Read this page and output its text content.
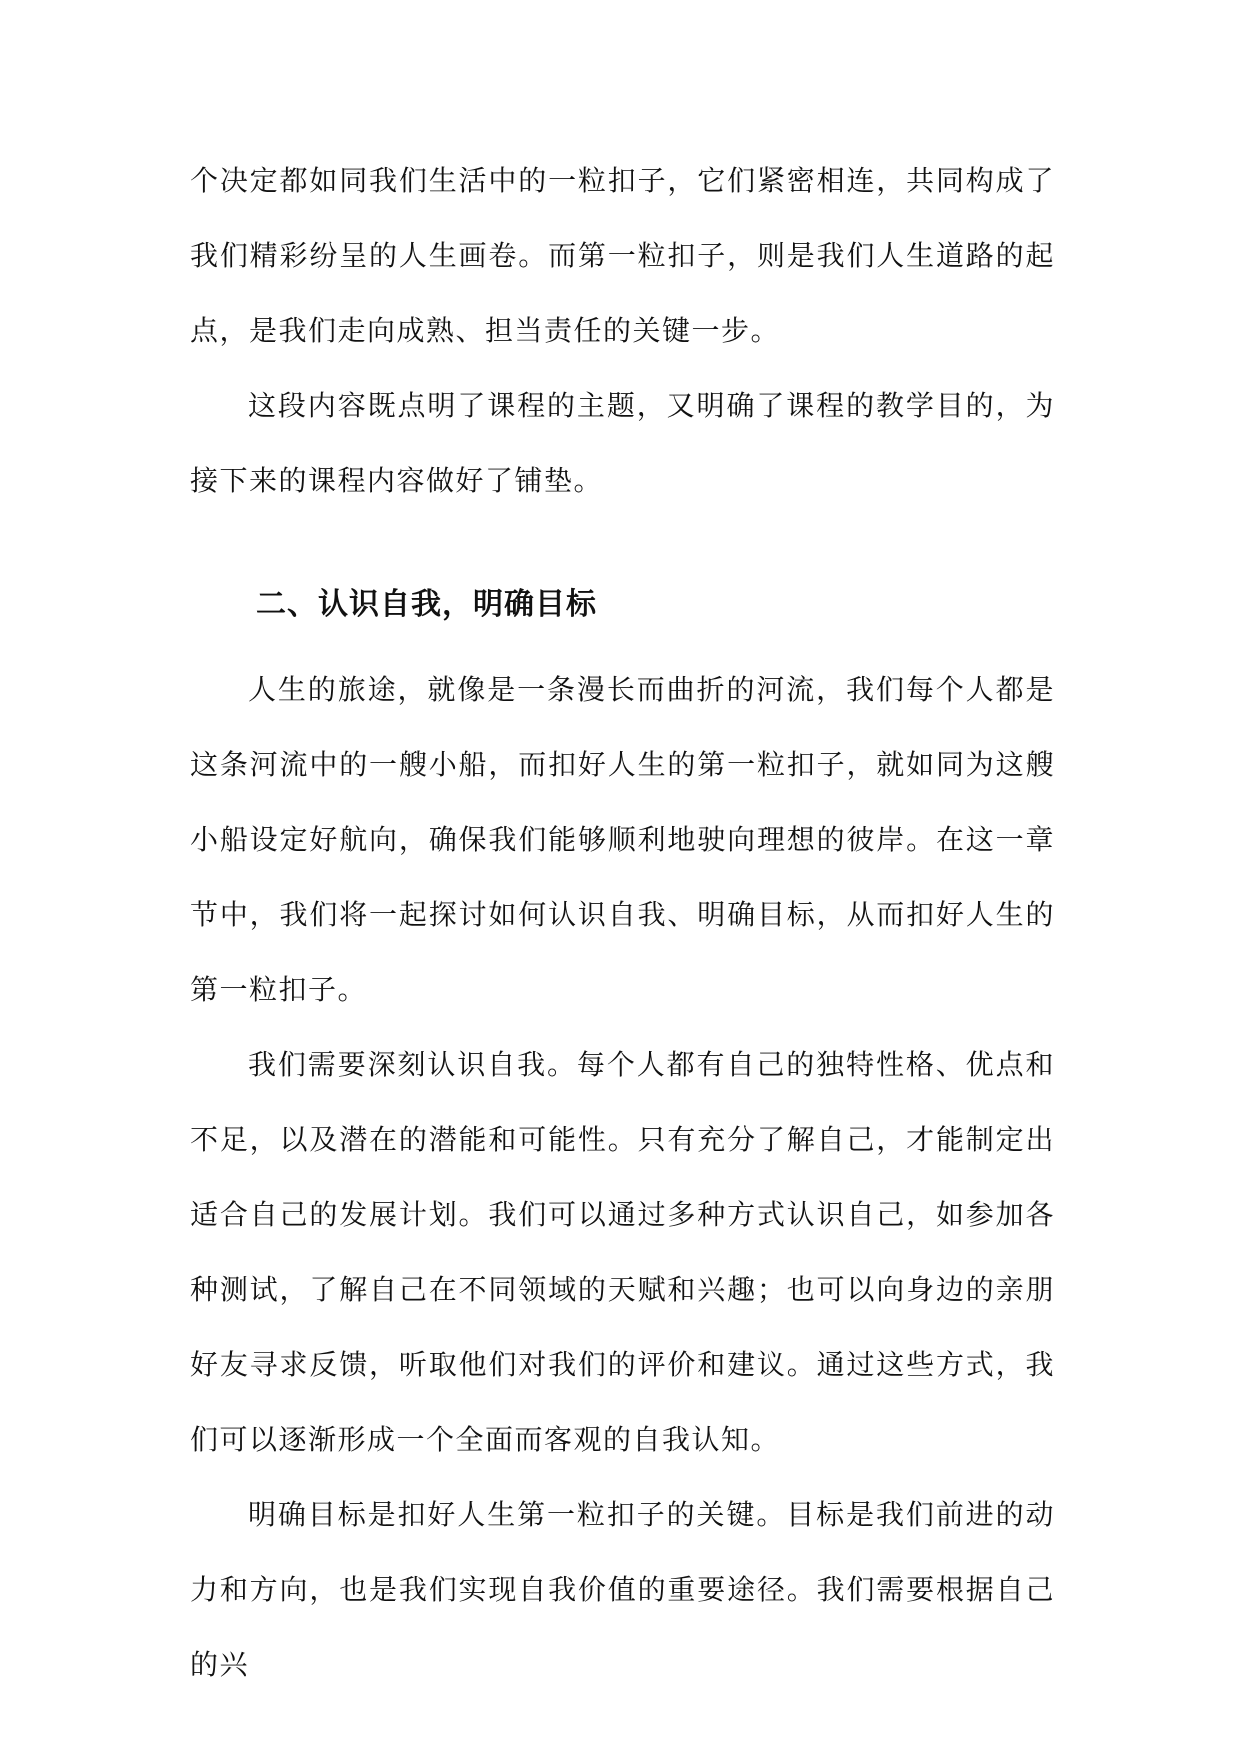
个决定都如同我们生活中的一粒扣子，它们紧密相连，共同构成了我们精彩纷呈的人生画卷。而第一粒扣子，则是我们人生道路的起点，是我们走向成熟、担当责任的关键一步。

这段内容既点明了课程的主题，又明确了课程的教学目的，为接下来的课程内容做好了铺垫。

二、认识自我，明确目标

人生的旅途，就像是一条漫长而曲折的河流，我们每个人都是这条河流中的一艘小船，而扣好人生的第一粒扣子，就如同为这艘小船设定好航向，确保我们能够顺利地驶向理想的彼岸。在这一章节中，我们将一起探讨如何认识自我、明确目标，从而扣好人生的第一粒扣子。

我们需要深刻认识自我。每个人都有自己的独特性格、优点和不足，以及潜在的潜能和可能性。只有充分了解自己，才能制定出适合自己的发展计划。我们可以通过多种方式认识自己，如参加各种测试，了解自己在不同领域的天赋和兴趣；也可以向身边的亲朋好友寻求反馈，听取他们对我们的评价和建议。通过这些方式，我们可以逐渐形成一个全面而客观的自我认知。

明确目标是扣好人生第一粒扣子的关键。目标是我们前进的动力和方向，也是我们实现自我价值的重要途径。我们需要根据自己的兴
